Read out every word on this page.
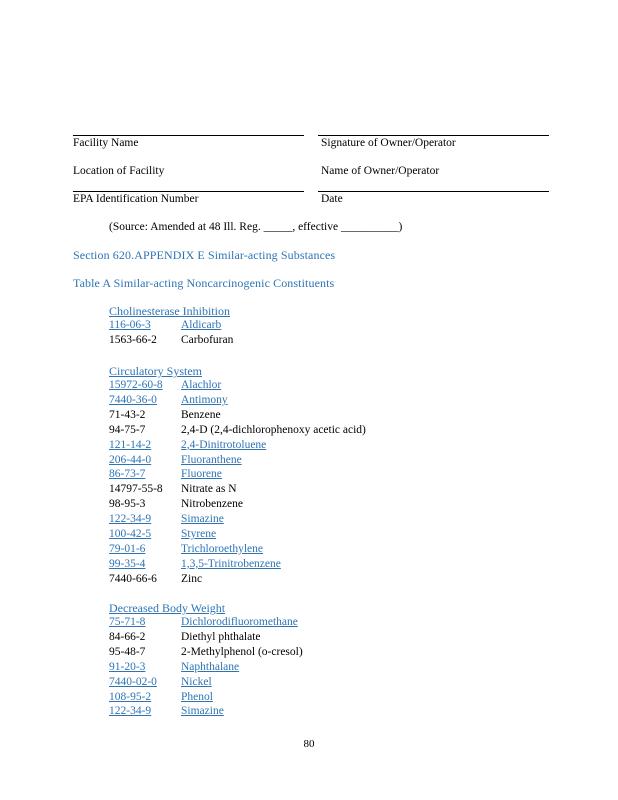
Facility Name	Signature of Owner/Operator
Location of Facility	Name of Owner/Operator
EPA Identification Number	Date
(Source: Amended at 48 Ill. Reg. _____, effective __________)
Section 620.APPENDIX E Similar-acting Substances
Table A Similar-acting Noncarcinogenic Constituents
Cholinesterase Inhibition
116-06-3	Aldicarb
1563-66-2 Carbofuran
Circulatory System
15972-60-8 Alachlor
7440-36-0 Antimony
71-43-2	Benzene
94-75-7	2,4-D (2,4-dichlorophenoxy acetic acid)
121-14-2	2,4-Dinitrotoluene
206-44-0	Fluoranthene
86-73-7	Fluorene
14797-55-8 Nitrate as N
98-95-3	Nitrobenzene
122-34-9	Simazine
100-42-5	Styrene
79-01-6	Trichloroethylene
99-35-4	1,3,5-Trinitrobenzene
7440-66-6 Zinc
Decreased Body Weight
75-71-8	Dichlorodifluoromethane
84-66-2	Diethyl phthalate
95-48-7	2-Methylphenol (o-cresol)
91-20-3	Naphthalane
7440-02-0 Nickel
108-95-2	Phenol
122-34-9	Simazine
80
